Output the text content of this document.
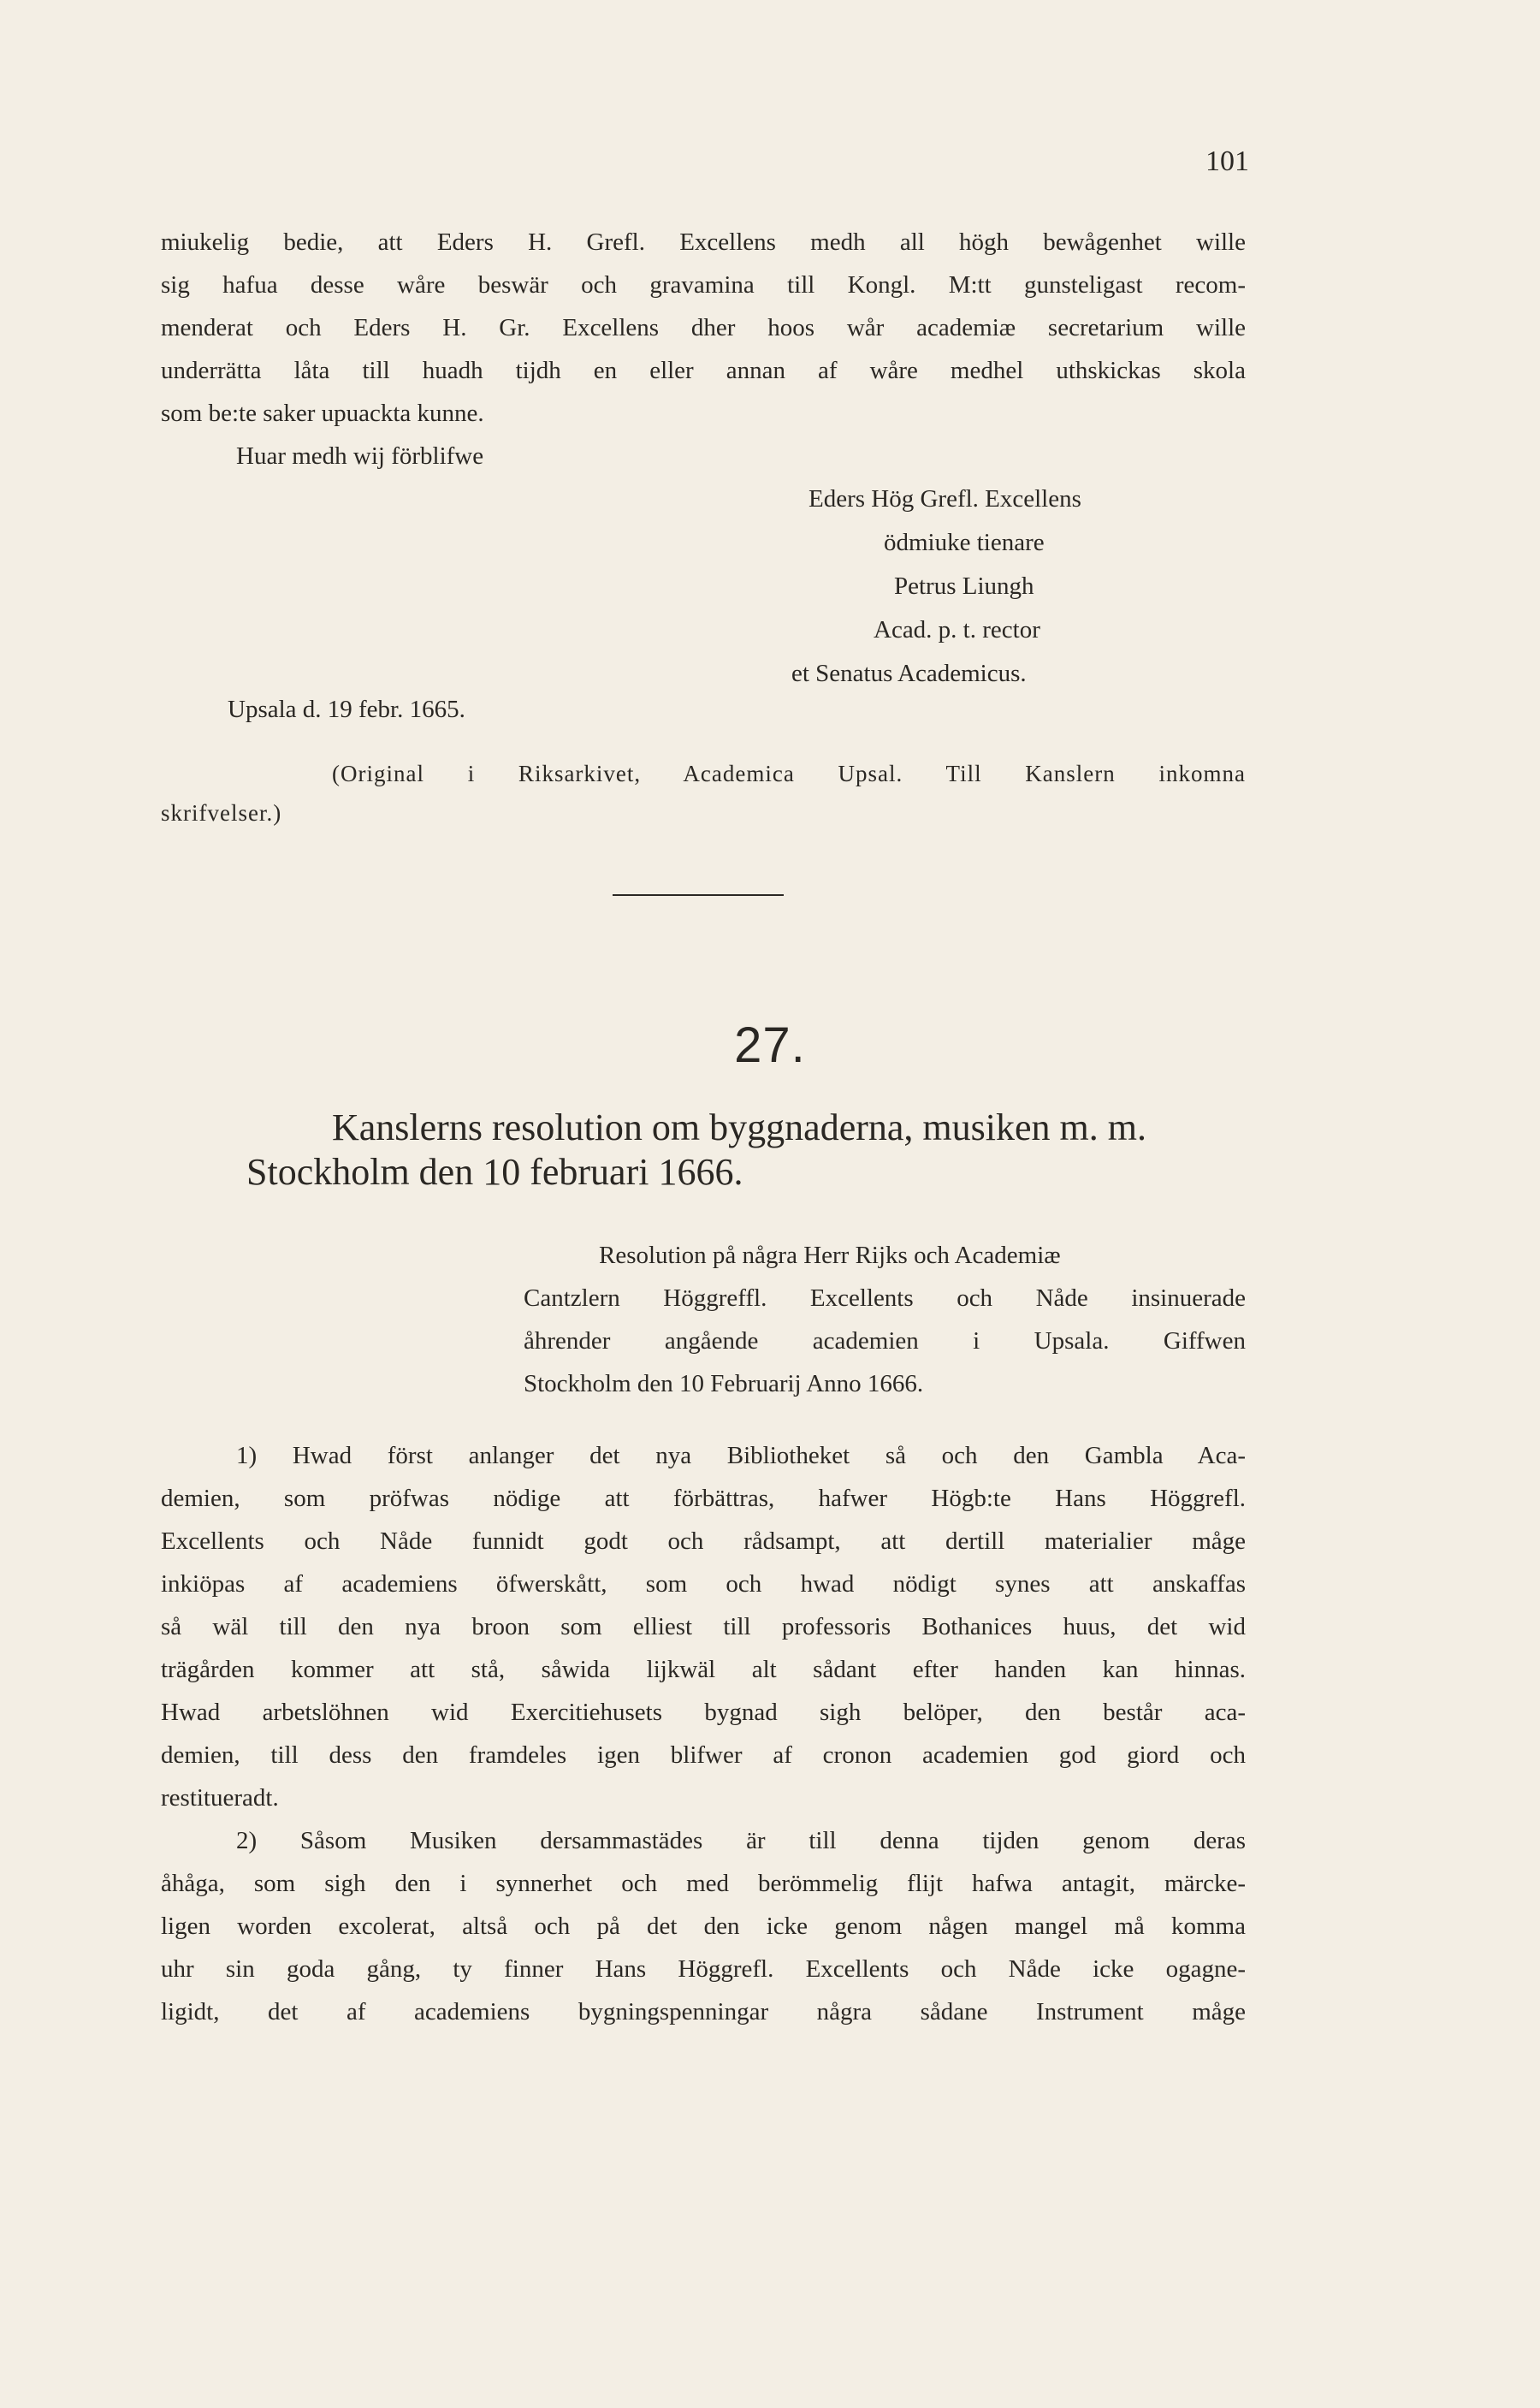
101
miukelig bedie, att Eders H. Grefl. Excellens medh all högh bewågenhet wille
sig hafua desse wåre beswär och gravamina till Kongl. M:tt gunsteligast recom-
menderat och Eders H. Gr. Excellens dher hoos wår academiæ secretarium wille
underrätta låta till huadh tijdh en eller annan af wåre medhel uthskickas skola
som be:te saker upuackta kunne.
Huar medh wij förblifwe
Eders Hög Grefl. Excellens
ödmiuke tienare
Petrus Liungh
Acad. p. t. rector
et Senatus Academicus.
Upsala d. 19 febr. 1665.
(Original i Riksarkivet, Academica Upsal. Till Kanslern inkomna
skrifvelser.)
27.
Kanslerns resolution om byggnaderna, musiken m. m.
Stockholm den 10 februari 1666.
Resolution på några Herr Rijks och Academiæ
Cantzlern Höggreffl. Excellents och Nåde insinuerade
åhrender angående academien i Upsala. Giffwen
Stockholm den 10 Februarij Anno 1666.
1) Hwad först anlanger det nya Bibliotheket så och den Gambla Aca-
demien, som pröfwas nödige att förbättras, hafwer Högb:te Hans Höggrefl.
Excellents och Nåde funnidt godt och rådsampt, att dertill materialier måge
inkiöpas af academiens öfwerskått, som och hwad nödigt synes att anskaffas
så wäl till den nya broon som elliest till professoris Bothanices huus, det wid
trägården kommer att stå, såwida lijkwäl alt sådant efter handen kan hinnas.
Hwad arbetslöhnen wid Exercitiehusets bygnad sigh belöper, den består aca-
demien, till dess den framdeles igen blifwer af cronon academien god giord och
restitueradt.
2) Såsom Musiken dersammastädes är till denna tijden genom deras
åhåga, som sigh den i synnerhet och med berömmelig flijt hafwa antagit, märcke-
ligen worden excolerat, altså och på det den icke genom någen mangel må komma
uhr sin goda gång, ty finner Hans Höggrefl. Excellents och Nåde icke ogagne-
ligidt, det af academiens bygningspenningar några sådane Instrument måge
